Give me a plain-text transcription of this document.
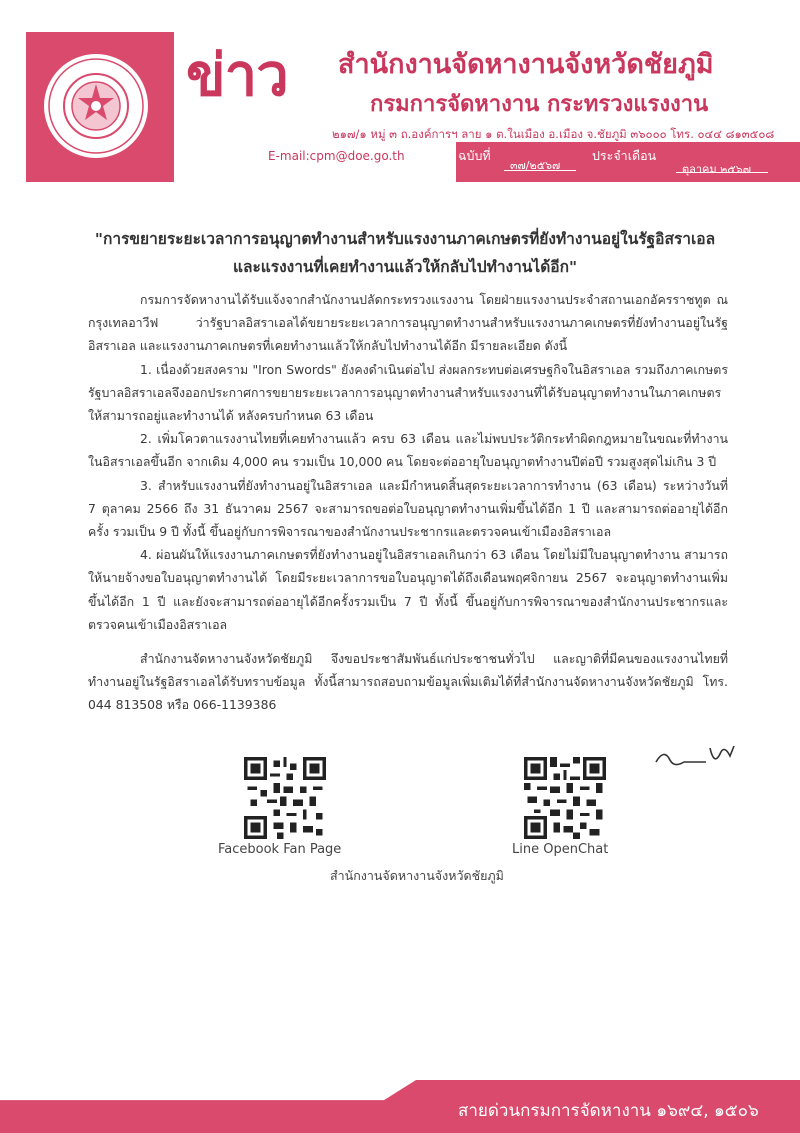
ข่าว สำนักงานจัดหางานจังหวัดชัยภูมิ
กรมการจัดหางาน กระทรวงแรงงาน
๒๑๗/๑ หมู่ ๓ ถ.องค์การฯ ลาย ๑ ต.ในเมือง อ.เมือง จ.ชัยภูมิ ๓๖๐๐๐ โทร. ๐๔๔ ๘๑๓๕๐๘
E-mail:cpm@doe.go.th	ฉบับที่
๓๗/๒๕๖๗
ประจำเดือน
ตุลาคม ๒๕๖๗
"การขยายระยะเวลาการอนุญาตทำงานสำหรับแรงงานภาคเกษตรที่ยังทำงานอยู่ในรัฐอิสราเอล
และแรงงานที่เคยทำงานแล้วให้กลับไปทำงานได้อีก"

กรมการจัดหางานได้รับแจ้งจากสำนักงานปลัดกระทรวงแรงงาน โดยฝ่ายแรงงานประจำสถานเอกอัครราชทูต ณ กรุงเทลอาวีฟ ว่ารัฐบาลอิสราเอลได้ขยายระยะเวลาการอนุญาตทำงานสำหรับแรงงานภาคเกษตรที่ยังทำงานอยู่ในรัฐอิสราเอล และแรงงานภาคเกษตรที่เคยทำงานแล้วให้กลับไปทำงานได้อีก มีรายละเอียด ดังนี้

1. เนื่องด้วยสงคราม "Iron Swords" ยังคงดำเนินต่อไป ส่งผลกระทบต่อเศรษฐกิจในอิสราเอล รวมถึงภาคเกษตร รัฐบาลอิสราเอลจึงออกประกาศการขยายระยะเวลาการอนุญาตทำงานสำหรับแรงงานที่ได้รับอนุญาตทำงานในภาคเกษตร ให้สามารถอยู่และทำงานได้ หลังครบกำหนด 63 เดือน

2. เพิ่มโควตาแรงงานไทยที่เคยทำงานแล้ว ครบ 63 เดือน และไม่พบประวัติกระทำผิดกฎหมายในขณะที่ทำงานในอิสราเอลขึ้นอีก จากเดิม 4,000 คน รวมเป็น 10,000 คน โดยจะต่ออายุใบอนุญาตทำงานปีต่อปี รวมสูงสุดไม่เกิน 3 ปี

3. สำหรับแรงงานที่ยังทำงานอยู่ในอิสราเอล และมีกำหนดสิ้นสุดระยะเวลาการทำงาน (63 เดือน) ระหว่างวันที่ 7 ตุลาคม 2566 ถึง 31 ธันวาคม 2567 จะสามารถขอต่อใบอนุญาตทำงานเพิ่มขึ้นได้อีก 1 ปี และสามารถต่ออายุได้อีกครั้ง รวมเป็น 9 ปี ทั้งนี้ ขึ้นอยู่กับการพิจารณาของสำนักงานประชากรและตรวจคนเข้าเมืองอิสราเอล

4. ผ่อนผันให้แรงงานภาคเกษตรที่ยังทำงานอยู่ในอิสราเอลเกินกว่า 63 เดือน โดยไม่มีใบอนุญาตทำงาน สามารถให้นายจ้างขอใบอนุญาตทำงานได้ โดยมีระยะเวลาการขอใบอนุญาตได้ถึงเดือนพฤศจิกายน 2567 จะอนุญาตทำงานเพิ่มขึ้นได้อีก 1 ปี และยังจะสามารถต่ออายุได้อีกครั้งรวมเป็น 7 ปี ทั้งนี้ ขึ้นอยู่กับการพิจารณาของสำนักงานประชากรและตรวจคนเข้าเมืองอิสราเอล

สำนักงานจัดหางานจังหวัดชัยภูมิ จึงขอประชาสัมพันธ์แก่ประชาชนทั่วไป และญาติที่มีคนของแรงงานไทยที่ทำงานอยู่ในรัฐอิสราเอลได้รับทราบข้อมูล ทั้งนี้สามารถสอบถามข้อมูลเพิ่มเติมได้ที่สำนักงานจัดหางานจังหวัดชัยภูมิ โทร. 044 813508 หรือ 066-1139386

Facebook Fan Page	Line OpenChat
สำนักงานจัดหางานจังหวัดชัยภูมิ
สายด่วนกรมการจัดหางาน ๑๖๙๔, ๑๕๐๖
